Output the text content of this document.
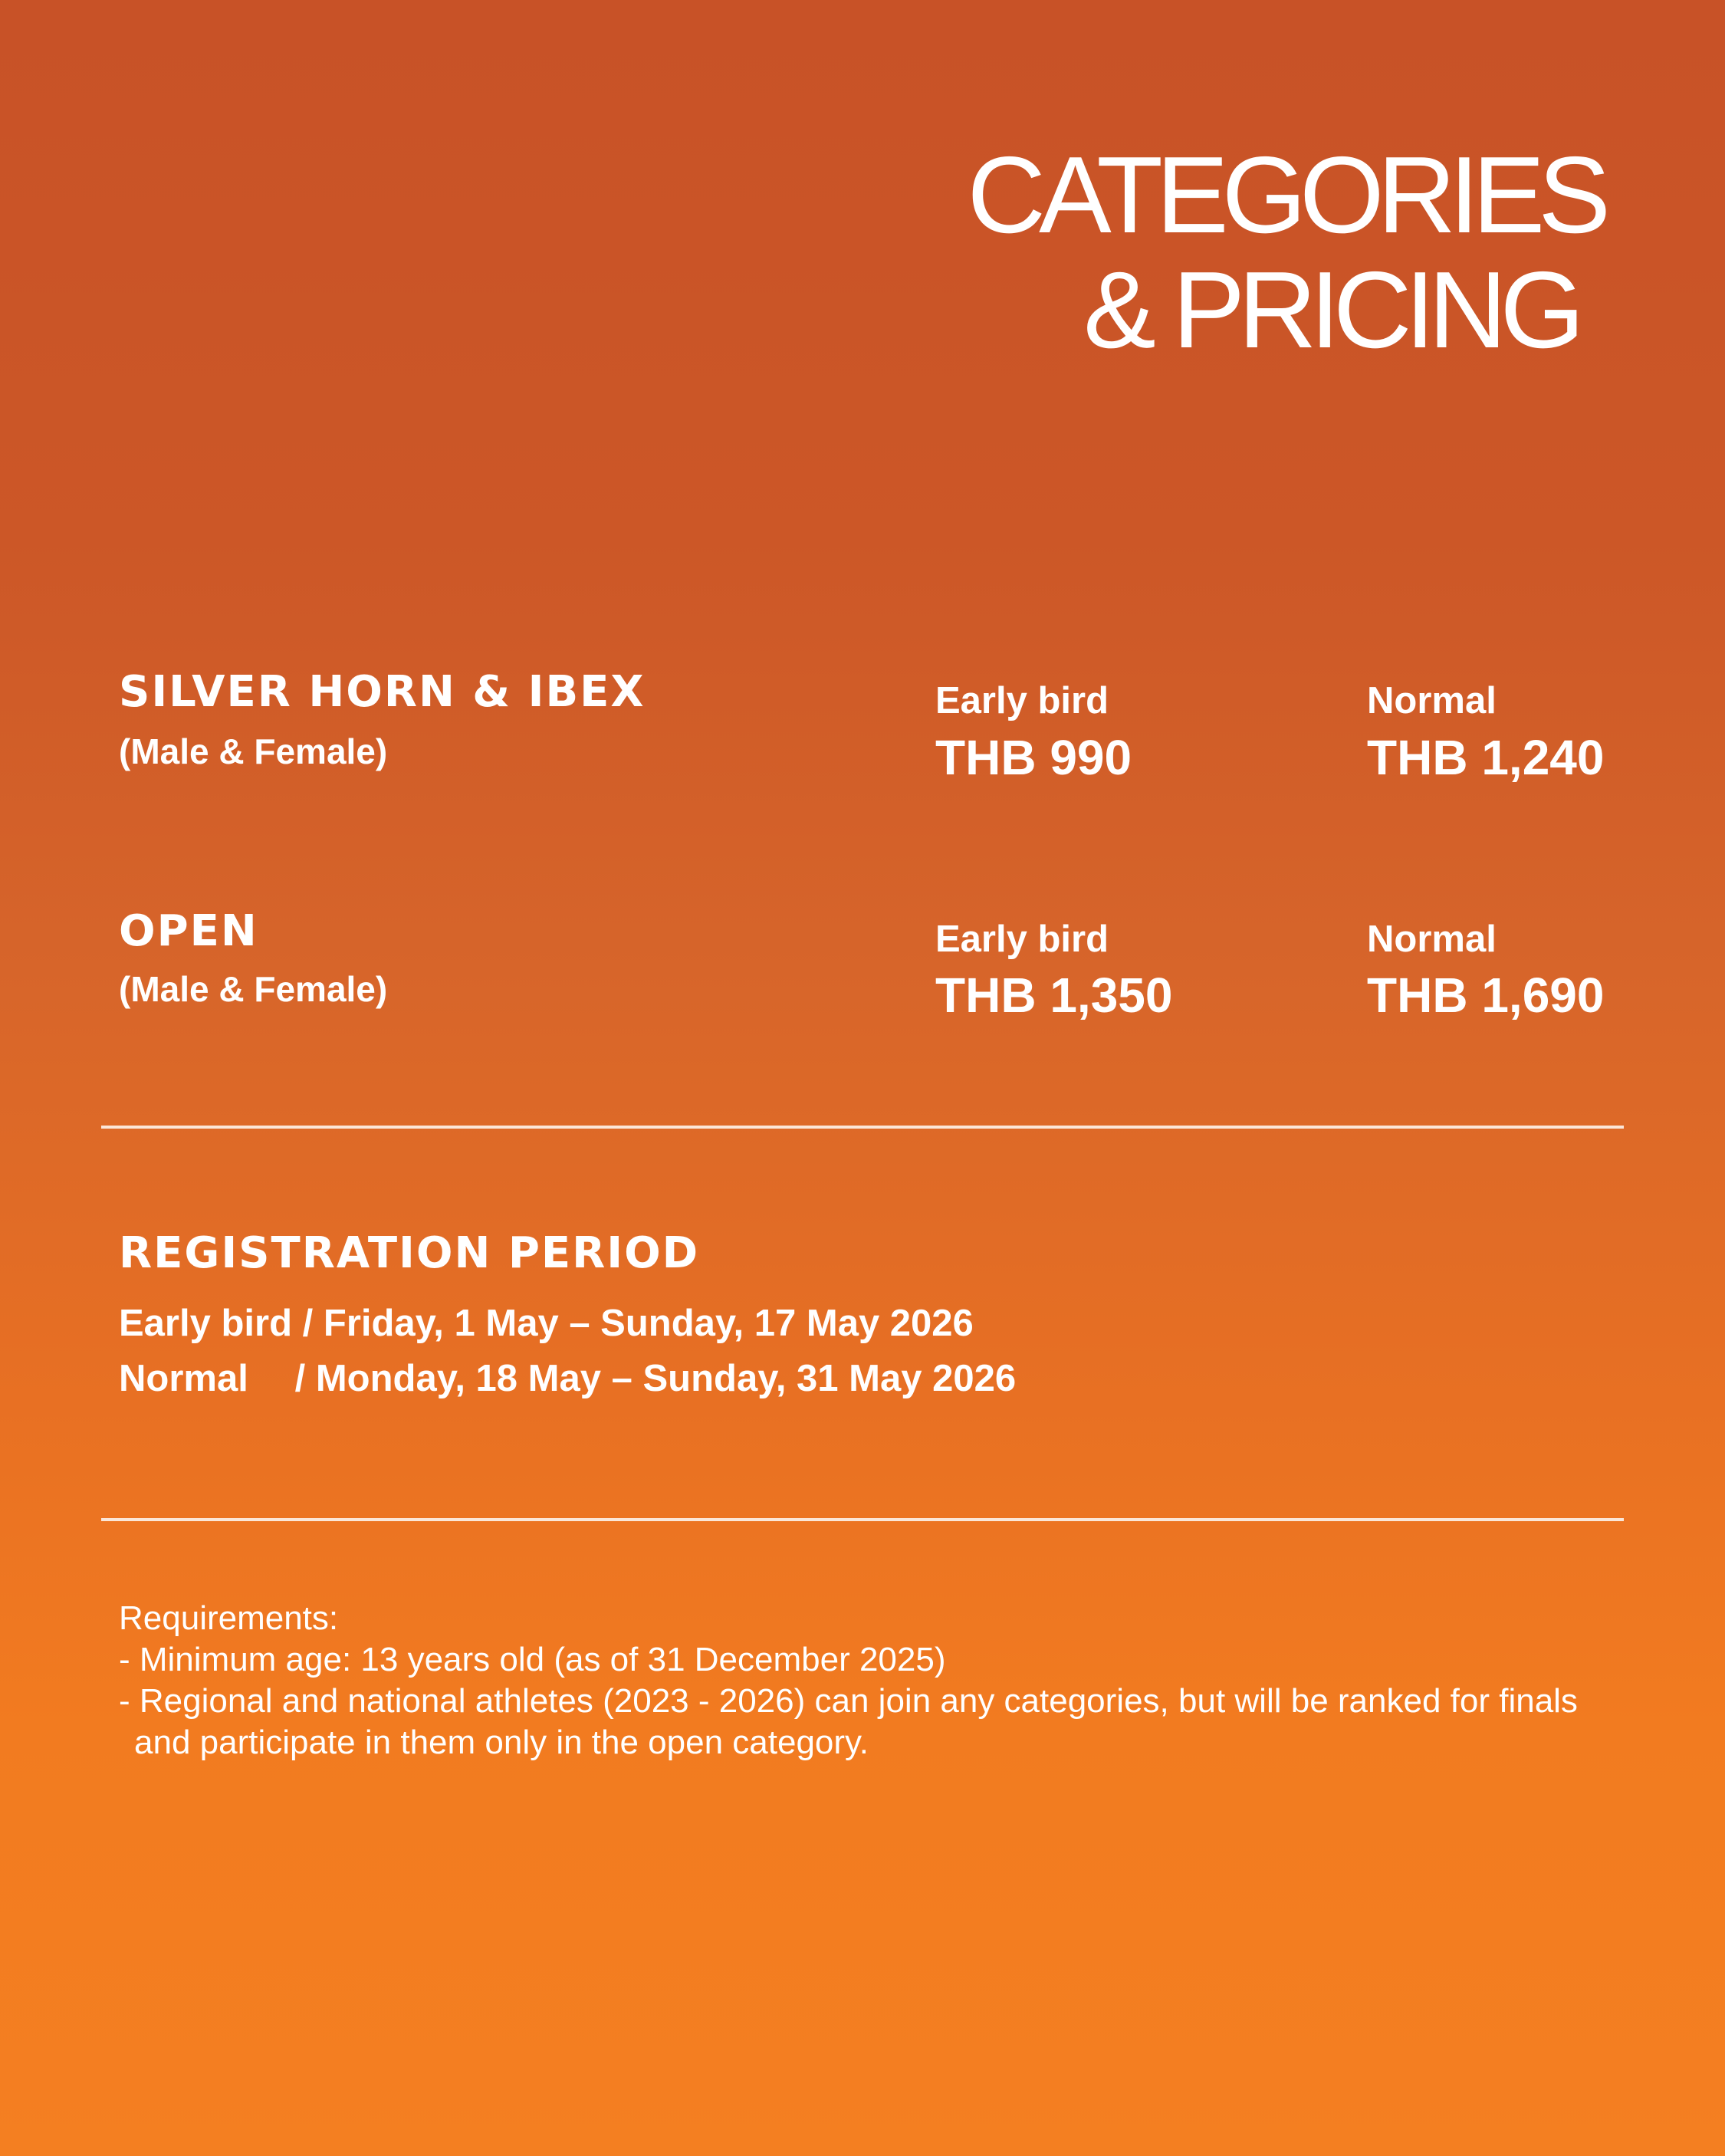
CATEGORIES
& PRICING
SILVER HORN & IBEX
(Male & Female)
Early bird
THB 990
Normal
THB 1,240
OPEN
(Male & Female)
Early bird
THB 1,350
Normal
THB 1,690
REGISTRATION PERIOD
Early bird / Friday, 1 May – Sunday, 17 May 2026
Normal / Monday, 18 May – Sunday, 31 May 2026
Requirements:
- Minimum age: 13 years old (as of 31 December 2025)
- Regional and national athletes (2023 - 2026) can join any categories, but will be ranked for finals and participate in them only in the open category.
